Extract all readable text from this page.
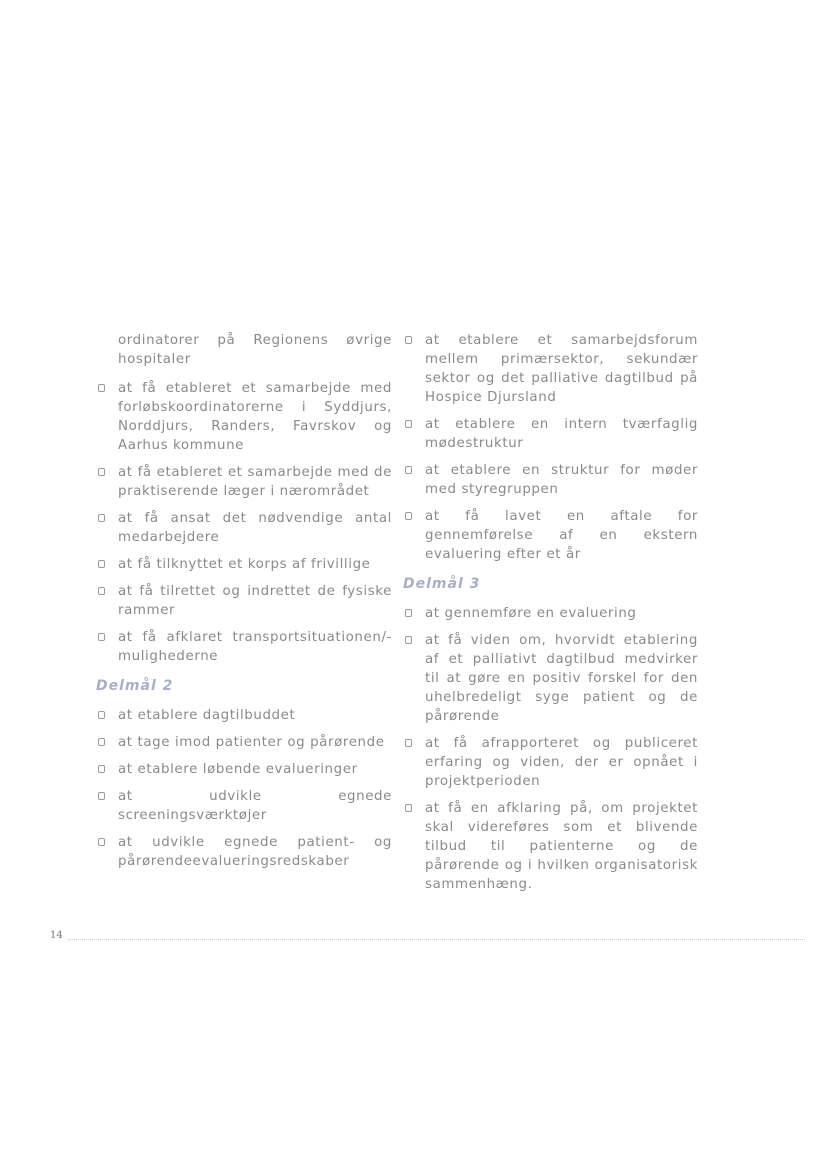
ordinatorer på Regionens øvrige hospitaler
at få etableret et samarbejde med forløbskoordinatorerne i Syddjurs, Norddjurs, Randers, Favrskov og Aarhus kommune
at få etableret et samarbejde med de praktiserende læger i nærområdet
at få ansat det nødvendige antal medarbejdere
at få tilknyttet et korps af frivillige
at få tilrettet og indrettet de fysiske rammer
at få afklaret transportsituationen/-mulighederne
Delmål 2
at etablere dagtilbuddet
at tage imod patienter og pårørende
at etablere løbende evalueringer
at udvikle egnede screeningsværktøjer
at udvikle egnede patient- og pårørendeevalueringsredskaber
at etablere et samarbejdsforum mellem primærsektor, sekundær sektor og det palliative dagtilbud på Hospice Djursland
at etablere en intern tværfaglig mødestruktur
at etablere en struktur for møder med styregruppen
at få lavet en aftale for gennemførelse af en ekstern evaluering efter et år
Delmål 3
at gennemføre en evaluering
at få viden om, hvorvidt etablering af et palliativt dagtilbud medvirker til at gøre en positiv forskel for den uhelbredeligt syge patient og de pårørende
at få afrapporteret og publiceret erfaring og viden, der er opnået i projektperioden
at få en afklaring på, om projektet skal videreføres som et blivende tilbud til patienterne og de pårørende og i hvilken organisatorisk sammenhæng.
14
